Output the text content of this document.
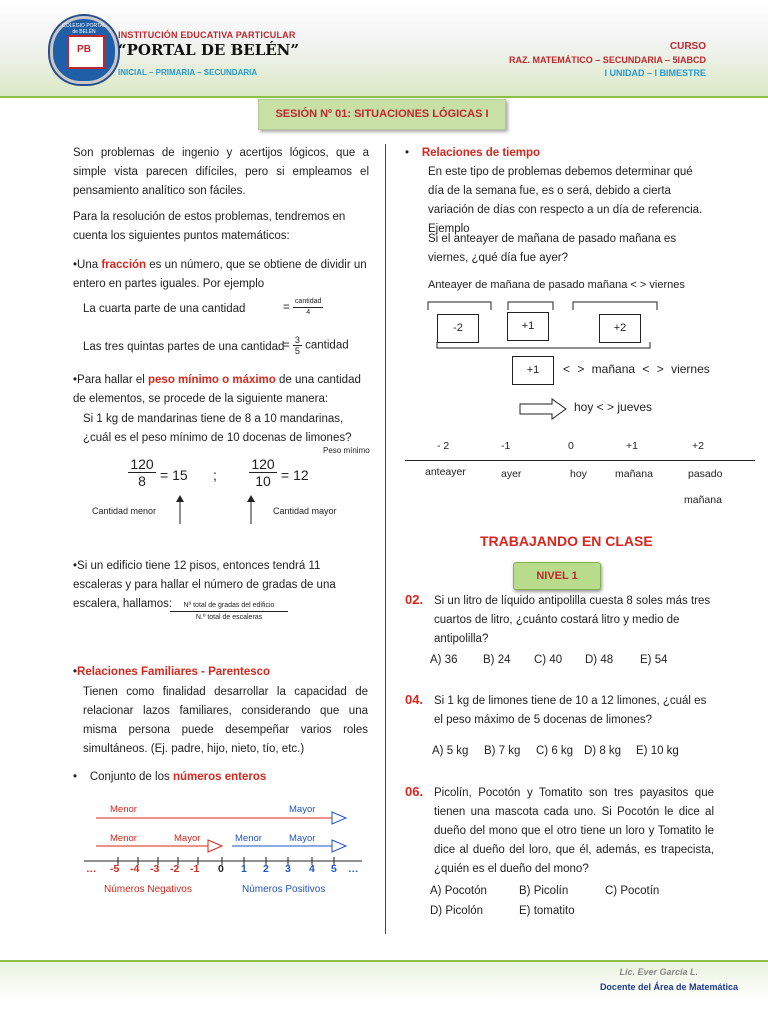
COLEGIO PORTAL de BELÉN
PB
INSTITUCIÓN EDUCATIVA PARTICULAR
“PORTAL DE BELÉN”
INICIAL – PRIMARIA – SECUNDARIA
CURSO
RAZ. MATEMÁTICO – SECUNDARIA – 5IABCD
I UNIDAD – I BIMESTRE
SESIÓN Nº 01: SITUACIONES LÓGICAS I
Son problemas de ingenio y acertijos lógicos, que a simple vista parecen difíciles, pero si empleamos el pensamiento analítico son fáciles.
Para la resolución de estos problemas, tendremos en cuenta los siguientes puntos matemáticos:
•Una fracción es un número, que se obtiene de dividir un entero en partes iguales. Por ejemplo
La cuarta parte de una cantidad	= $\frac{\text{cantidad}}{4}$
Las tres quintas partes de una cantidad
= $\frac{3}{5}$ cantidad
•Para hallar el peso mínimo o máximo de una cantidad de elementos, se procede de la siguiente manera:
Si 1 kg de mandarinas tiene de 8 a 10 mandarinas, ¿cuál es el peso mínimo de 10 docenas de limones?
Peso mínimo
120
8	= 15 ;
120
10 = 12
Cantidad menor	Cantidad mayor
•Si un edificio tiene 12 pisos, entonces tendrá 11 escaleras y para hallar el número de gradas de una escalera, hallamos:	Nº total de gradas del edificio
N.º total de escaleras
•Relaciones Familiares - Parentesco
Tienen como finalidad desarrollar la capacidad de relacionar lazos familiares, considerando que una misma persona puede desempeñar varios roles simultáneos. (Ej. padre, hijo, nieto, tío, etc.)
• Conjunto de los números enteros
Menor	Mayor
Menor	Mayor	Menor	Mayor
… -5 -4 -3 -2 -1 0 1 2 3 4 5 …
Números Negativos	Números Positivos
• Relaciones de tiempo
En este tipo de problemas debemos determinar qué día de la semana fue, es o será, debido a cierta variación de días con respecto a un día de referencia. Ejemplo
Si el anteayer de mañana de pasado mañana es viernes, ¿qué día fue ayer?
Anteayer de mañana de pasado mañana < > viernes
-2	+1	+2
+1	< > mañana < > viernes
hoy < > jueves
- 2	-1	0	+1	+2
anteayer	ayer	hoy	mañana	pasado
mañana
TRABAJANDO EN CLASE
NIVEL 1
02. Si un litro de líquido antipolilla cuesta 8 soles más tres cuartos de litro, ¿cuánto costará litro y medio de antipolilla?
A) 36 B) 24 C) 40 D) 48 E) 54
04. Si 1 kg de limones tiene de 10 a 12 limones, ¿cuál es el peso máximo de 5 docenas de limones?
A) 5 kg B) 7 kg C) 6 kg D) 8 kg E) 10 kg
06. Picolín, Pocotón y Tomatito son tres payasitos que tienen una mascota cada uno. Si Pocotón le dice al dueño del mono que el otro tiene un loro y Tomatito le dice al dueño del loro, que él, además, es trapecista, ¿quién es el dueño del mono?
A) Pocotón	B) Picolín	C) Pocotín
D) Picolón	E) tomatito
Lic. Ever García L.
Docente del Área de Matemática
